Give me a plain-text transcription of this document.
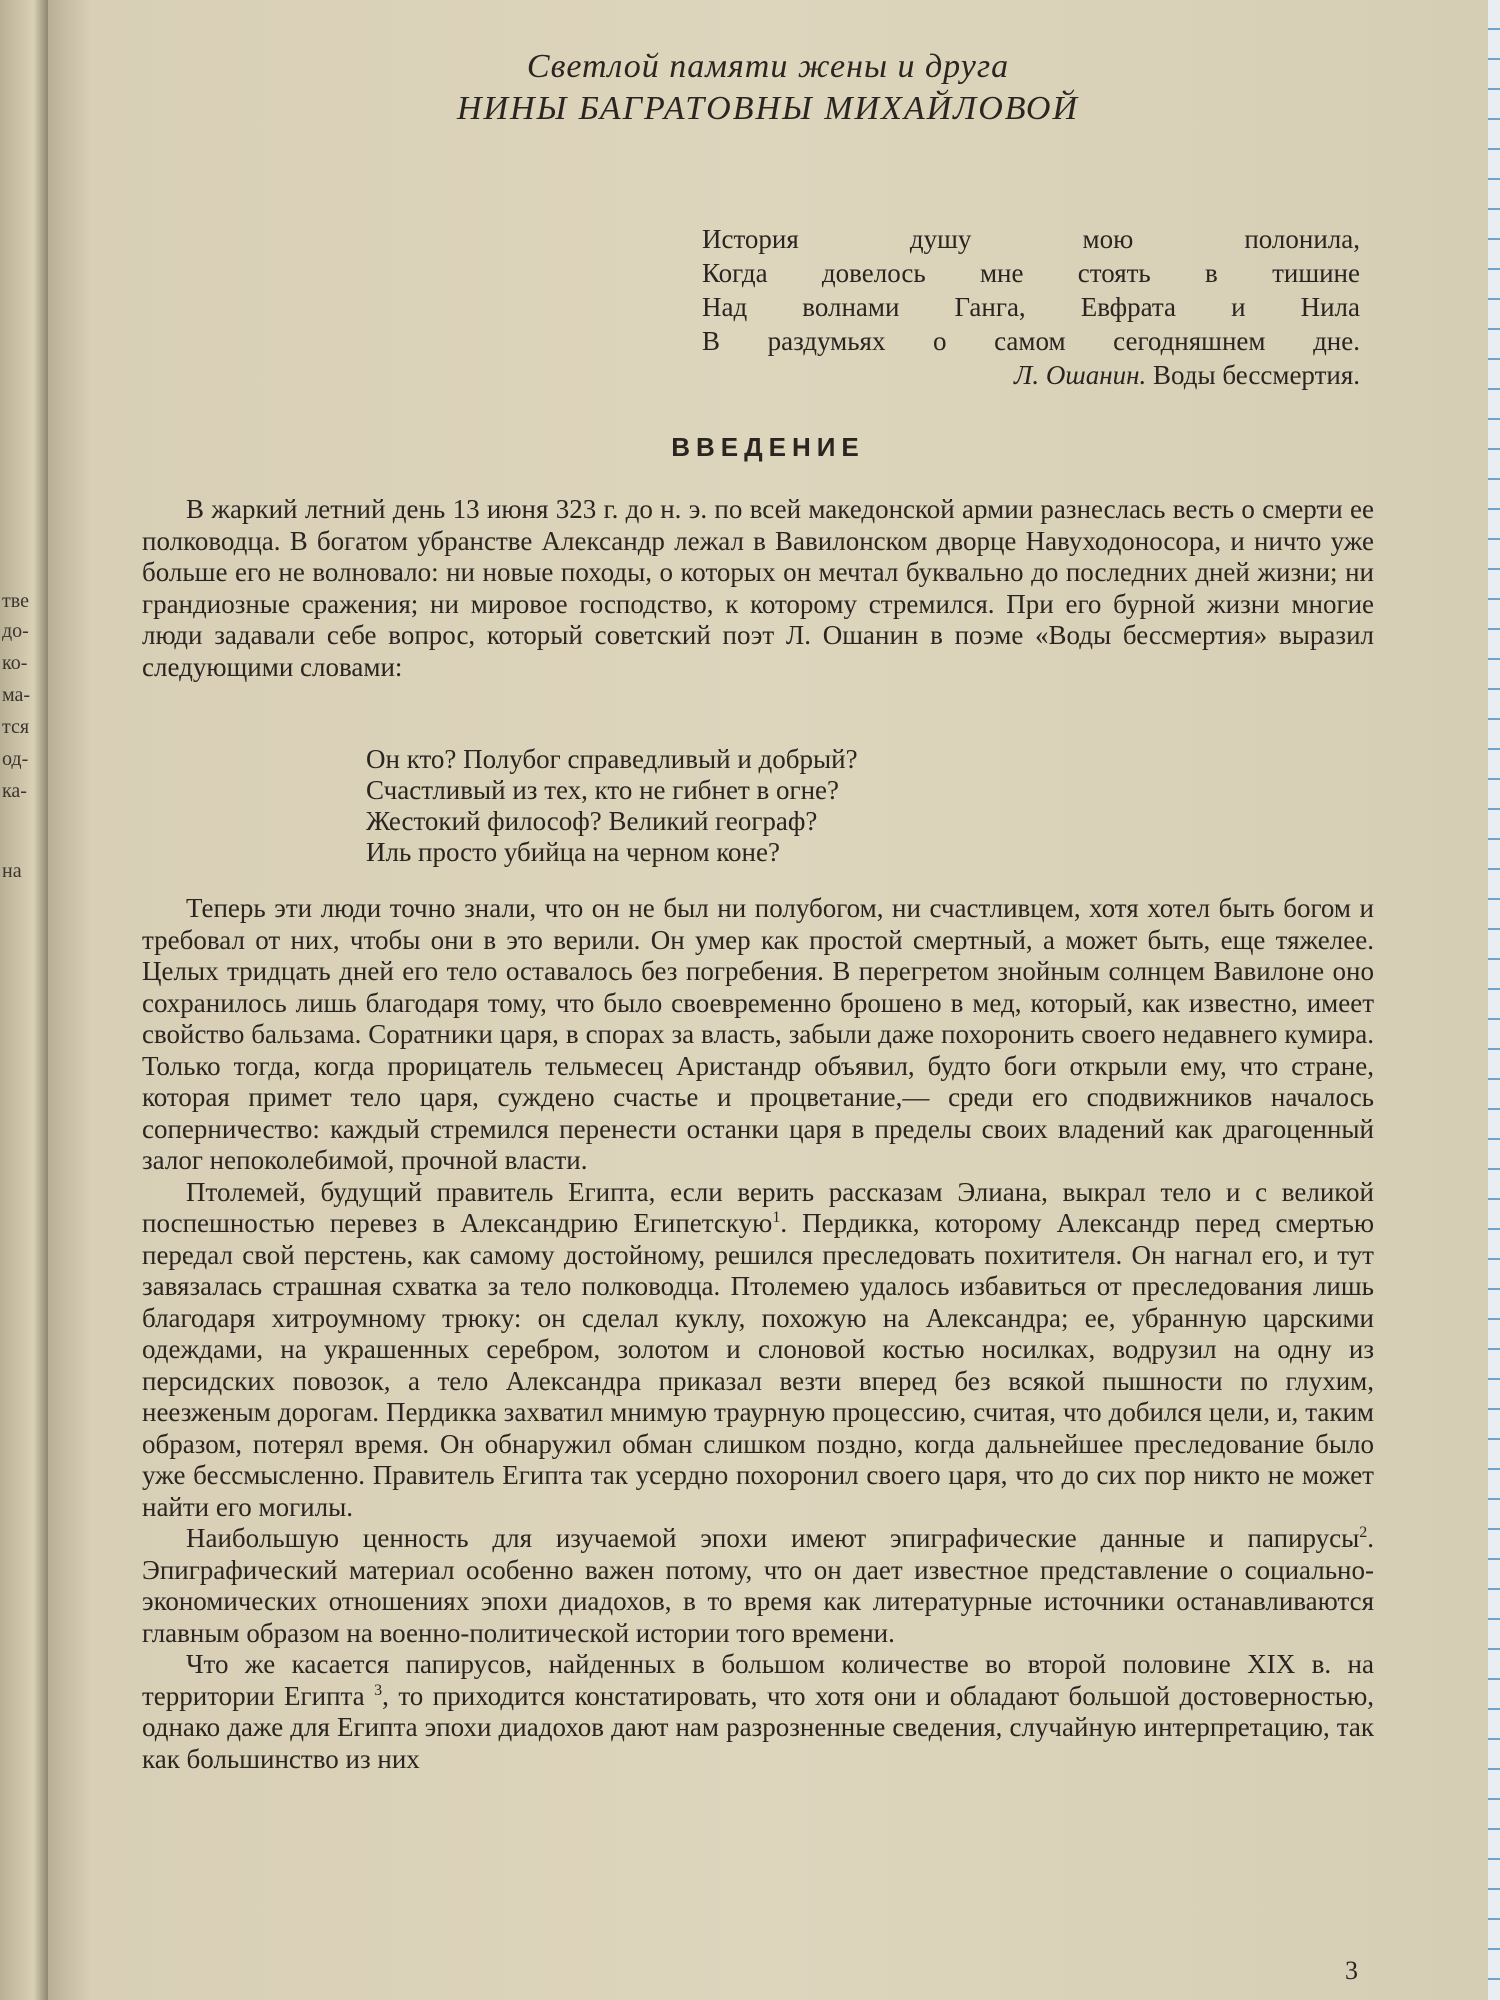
тве
до-
ко-
ма-
тся
од-
ка-
на
Светлой памяти жены и друга
НИНЫ БАГРАТОВНЫ МИХАЙЛОВОЙ
История душу мою полонила,
Когда довелось мне стоять в тишине
Над волнами Ганга, Евфрата и Нила
В раздумьях о самом сегодняшнем дне.
Л. Ошанин. Воды бессмертия.
ВВЕДЕНИЕ

В жаркий летний день 13 июня 323 г. до н. э. по всей македонской армии разнеслась весть о смерти ее полководца. В богатом убранстве Александр лежал в Вавилонском дворце Навуходоносора, и ничто уже больше его не волновало: ни новые походы, о которых он мечтал буквально до последних дней жизни; ни грандиозные сражения; ни мировое господство, к которому стремился. При его бурной жизни многие люди задавали себе вопрос, который советский поэт Л. Ошанин в поэме «Воды бессмертия» выразил следующими словами:

Он кто? Полубог справедливый и добрый?
Счастливый из тех, кто не гибнет в огне?
Жестокий философ? Великий географ?
Иль просто убийца на черном коне?

Теперь эти люди точно знали, что он не был ни полубогом, ни счастливцем, хотя хотел быть богом и требовал от них, чтобы они в это верили. Он умер как простой смертный, а может быть, еще тяжелее. Целых тридцать дней его тело оставалось без погребения. В перегретом знойным солнцем Вавилоне оно сохранилось лишь благодаря тому, что было своевременно брошено в мед, который, как известно, имеет свойство бальзама. Соратники царя, в спорах за власть, забыли даже похоронить своего недавнего кумира. Только тогда, когда прорицатель тельмесец Аристандр объявил, будто боги открыли ему, что стране, которая примет тело царя, суждено счастье и процветание,— среди его сподвижников началось соперничество: каждый стремился перенести останки царя в пределы своих владений как драгоценный залог непоколебимой, прочной власти.

Птолемей, будущий правитель Египта, если верить рассказам Элиана, выкрал тело и с великой поспешностью перевез в Александрию Египетскую$^1$. Пердикка, которому Александр перед смертью передал свой перстень, как самому достойному, решился преследовать похитителя. Он нагнал его, и тут завязалась страшная схватка за тело полководца. Птолемею удалось избавиться от преследования лишь благодаря хитроумному трюку: он сделал куклу, похожую на Александра; ее, убранную царскими одеждами, на украшенных серебром, золотом и слоновой костью носилках, водрузил на одну из персидских повозок, а тело Александра приказал везти вперед без всякой пышности по глухим, неезженым дорогам. Пердикка захватил мнимую траурную процессию, считая, что добился цели, и, таким образом, потерял время. Он обнаружил обман слишком поздно, когда дальнейшее преследование было уже бессмысленно. Правитель Египта так усердно похоронил своего царя, что до сих пор никто не может найти его могилы.

Наибольшую ценность для изучаемой эпохи имеют эпиграфические данные и папирусы$^2$. Эпиграфический материал особенно важен потому, что он дает известное представление о социально-экономических отношениях эпохи диадохов, в то время как литературные источники останавливаются главным образом на военно-политической истории того времени.

Что же касается папирусов, найденных в большом количестве во второй половине XIX в. на территории Египта $^3$, то приходится констатировать, что хотя они и обладают большой достоверностью, однако даже для Египта эпохи диадохов дают нам разрозненные сведения, случайную интерпретацию, так как большинство из них

3
